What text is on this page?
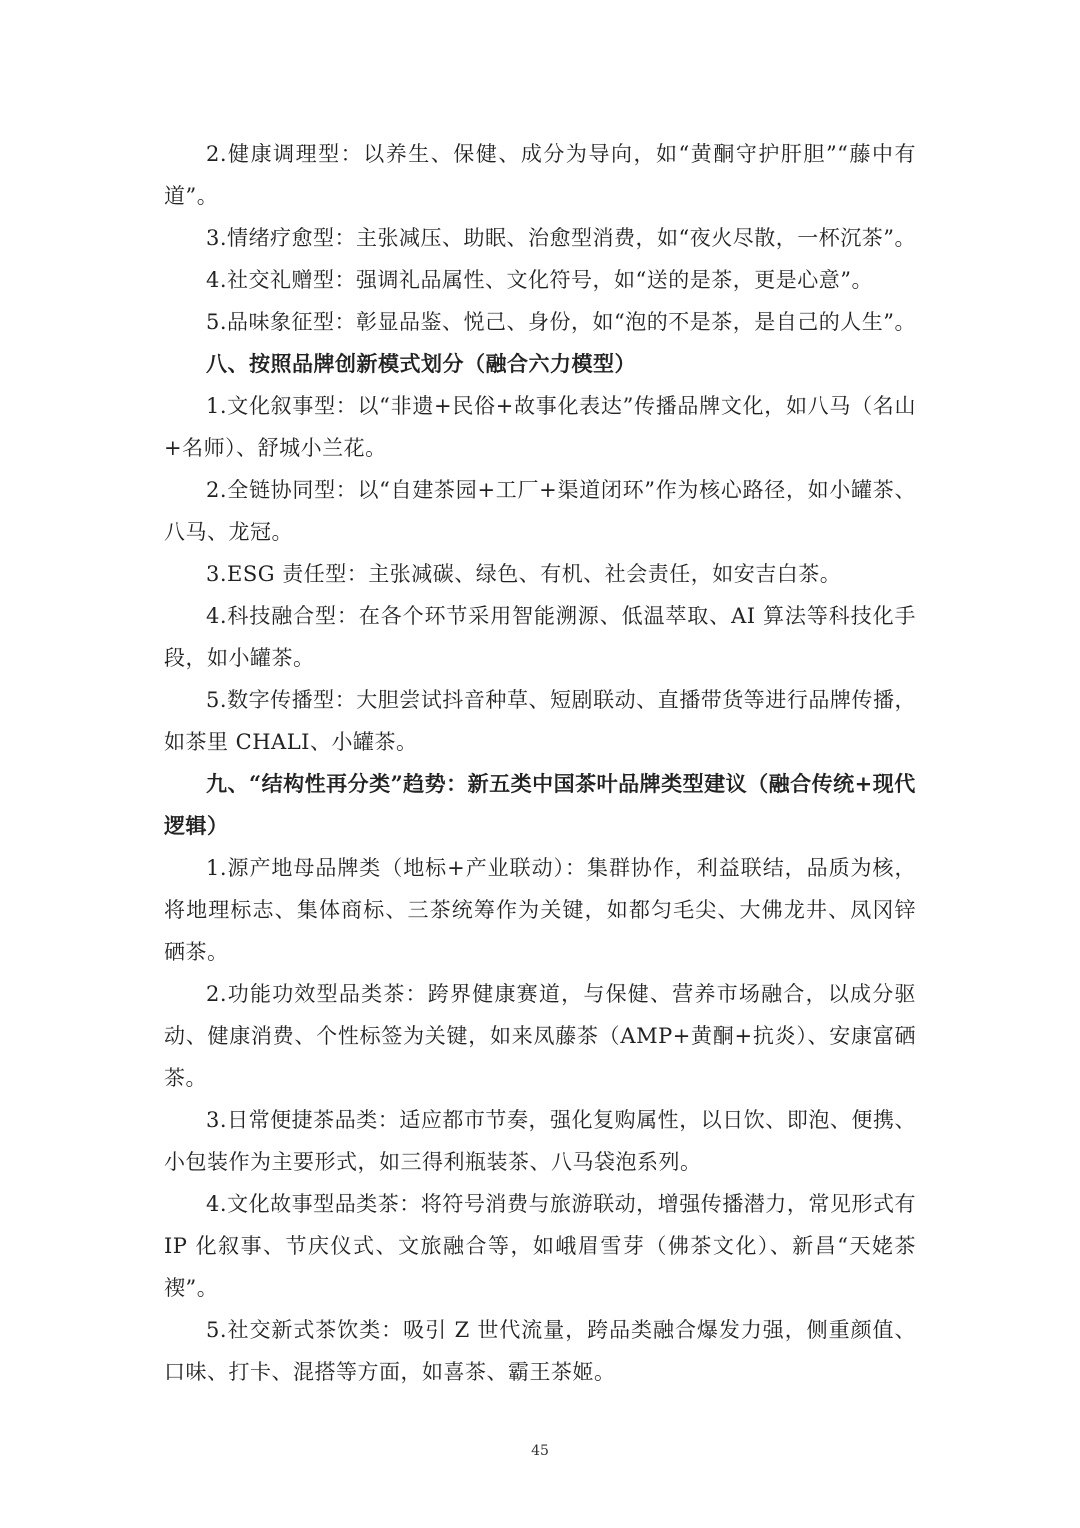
2.健康调理型：以养生、保健、成分为导向，如“黄酮守护肝胆”“藤中有道”。

3.情绪疗愈型：主张减压、助眠、治愈型消费，如“夜火尽散，一杯沉茶”。

4.社交礼赠型：强调礼品属性、文化符号，如“送的是茶，更是心意”。

5.品味象征型：彰显品鉴、悦己、身份，如“泡的不是茶，是自己的人生”。

八、按照品牌创新模式划分（融合六力模型）

1.文化叙事型：以“非遗+民俗+故事化表达”传播品牌文化，如八马（名山+名师）、舒城小兰花。

2.全链协同型：以“自建茶园+工厂+渠道闭环”作为核心路径，如小罐茶、八马、龙冠。

3.ESG 责任型：主张减碳、绿色、有机、社会责任，如安吉白茶。

4.科技融合型：在各个环节采用智能溯源、低温萃取、AI 算法等科技化手段，如小罐茶。

5.数字传播型：大胆尝试抖音种草、短剧联动、直播带货等进行品牌传播，如茶里 CHALI、小罐茶。

九、“结构性再分类”趋势：新五类中国茶叶品牌类型建议（融合传统+现代逻辑）

1.源产地母品牌类（地标+产业联动）：集群协作，利益联结，品质为核，将地理标志、集体商标、三茶统筹作为关键，如都匀毛尖、大佛龙井、凤冈锌硒茶。

2.功能功效型品类茶：跨界健康赛道，与保健、营养市场融合，以成分驱动、健康消费、个性标签为关键，如来凤藤茶（AMP+黄酮+抗炎）、安康富硒茶。

3.日常便捷茶品类：适应都市节奏，强化复购属性，以日饮、即泡、便携、小包装作为主要形式，如三得利瓶装茶、八马袋泡系列。

4.文化故事型品类茶：将符号消费与旅游联动，增强传播潜力，常见形式有 IP 化叙事、节庆仪式、文旅融合等，如峨眉雪芽（佛茶文化）、新昌“天姥茶禊”。

5.社交新式茶饮类：吸引 Z 世代流量，跨品类融合爆发力强，侧重颜值、口味、打卡、混搭等方面，如喜茶、霸王茶姬。

45
